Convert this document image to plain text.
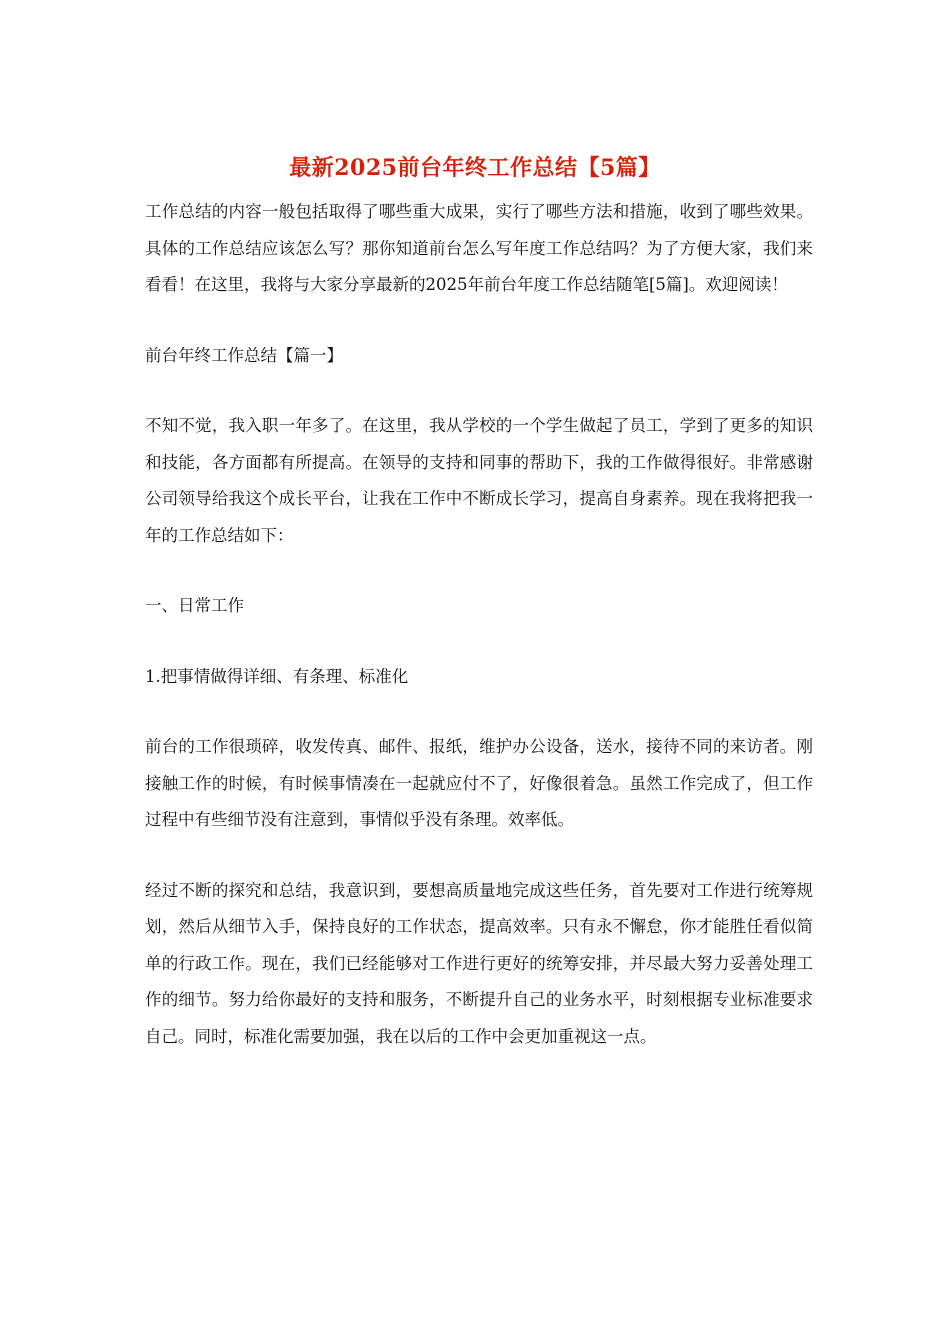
最新2025前台年终工作总结【5篇】

工作总结的内容一般包括取得了哪些重大成果，实行了哪些方法和措施，收到了哪些效果。具体的工作总结应该怎么写？那你知道前台怎么写年度工作总结吗？为了方便大家，我们来看看！在这里，我将与大家分享最新的2025年前台年度工作总结随笔[5篇]。欢迎阅读！

前台年终工作总结【篇一】

不知不觉，我入职一年多了。在这里，我从学校的一个学生做起了员工，学到了更多的知识和技能，各方面都有所提高。在领导的支持和同事的帮助下，我的工作做得很好。非常感谢公司领导给我这个成长平台，让我在工作中不断成长学习，提高自身素养。现在我将把我一年的工作总结如下：

一、日常工作

1.把事情做得详细、有条理、标准化

前台的工作很琐碎，收发传真、邮件、报纸，维护办公设备，送水，接待不同的来访者。刚接触工作的时候，有时候事情凑在一起就应付不了，好像很着急。虽然工作完成了，但工作过程中有些细节没有注意到，事情似乎没有条理。效率低。

经过不断的探究和总结，我意识到，要想高质量地完成这些任务，首先要对工作进行统筹规划，然后从细节入手，保持良好的工作状态，提高效率。只有永不懈怠，你才能胜任看似简单的行政工作。现在，我们已经能够对工作进行更好的统筹安排，并尽最大努力妥善处理工作的细节。努力给你最好的支持和服务，不断提升自己的业务水平，时刻根据专业标准要求自己。同时，标准化需要加强，我在以后的工作中会更加重视这一点。
